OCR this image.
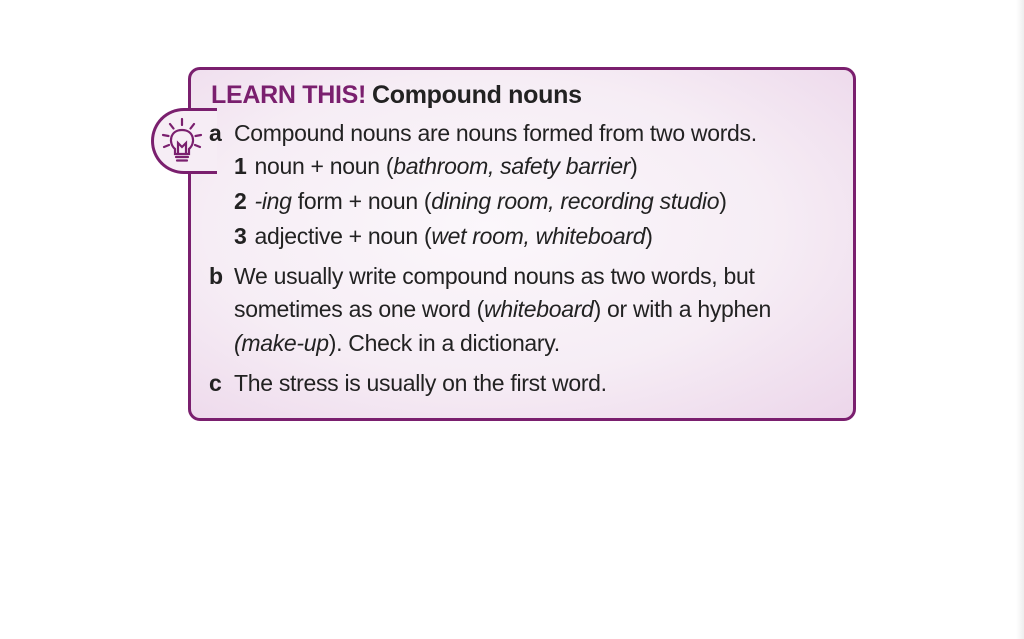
LEARN THIS! Compound nouns
a Compound nouns are nouns formed from two words.
1 noun + noun (bathroom, safety barrier)
2 -ing form + noun (dining room, recording studio)
3 adjective + noun (wet room, whiteboard)
b We usually write compound nouns as two words, but
sometimes as one word (whiteboard) or with a hyphen
(make-up). Check in a dictionary.
c The stress is usually on the first word.
